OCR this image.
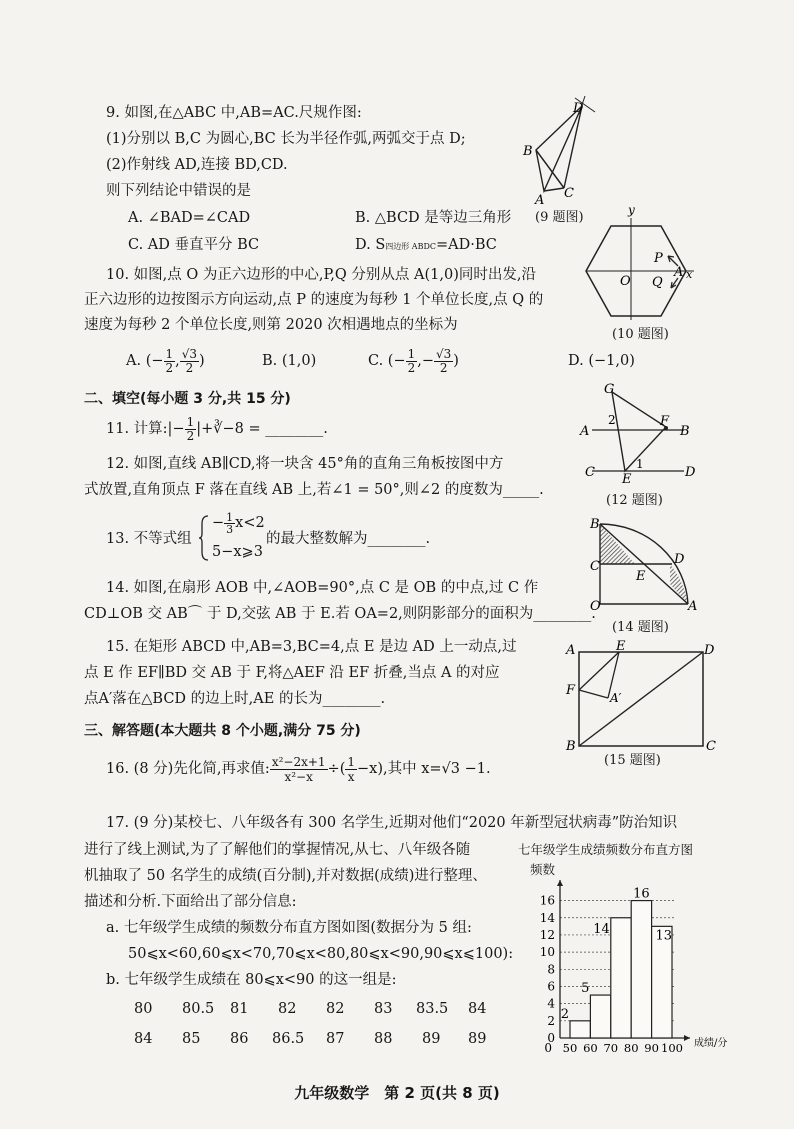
9. 如图,在△ABC 中,AB=AC.尺规作图:
(1)分别以 B,C 为圆心,BC 长为半径作弧,两弧交于点 D;
(2)作射线 AD,连接 BD,CD.
则下列结论中错误的是
A. ∠BAD=∠CAD	B. △BCD 是等边三角形
C. AD 垂直平分 BC	D. S四边形 ABDC=AD·BC
D
B
A C
(9 题图)
10. 如图,点 O 为正六边形的中心,P,Q 分别从点 A(1,0)同时出发,沿
正六边形的边按图示方向运动,点 P 的速度为每秒 1 个单位长度,点 Q 的
速度为每秒 2 个单位长度,则第 2020 次相遇地点的坐标为
A. (− $\frac{1}{2}$ , $\frac{√3}{2}$ )	B. (1,0)	C. (− $\frac{1}{2}$ ,− $\frac{√3}{2}$ )	D. (−1,0)
y
O
P
Q
A x
(10 题图)
二、填空(每小题 3 分,共 15 分)
11. 计算:|− $\frac{1}{2}$ |+∛−8 = ________.
12. 如图,直线 AB∥CD,将一块含 45°角的直角三角板按图中方
式放置,直角顶点 F 落在直线 AB 上,若∠1 = 50°,则∠2 的度数为_____.
G
A	B
C	D
E
F
1
2
(12 题图)
13. 不等式组
− $\frac{1}{3} x<2$
5−x⩾3
的最大整数解为________.
14. 如图,在扇形 AOB 中,∠AOB=90°,点 C 是 OB 的中点,过 C 作
CD⊥OB 交 AB⌒ 于 D,交弦 AB 于 E.若 OA=2,则阴影部分的面积为________.
B
C	D
E
O	A
(14 题图)
15. 在矩形 ABCD 中,AB=3,BC=4,点 E 是边 AD 上一动点,过
点 E 作 EF∥BD 交 AB 于 F,将△AEF 沿 EF 折叠,当点 A 的对应
点A′落在△BCD 的边上时,AE 的长为________.
A	E	D
F	A′
B	C
(15 题图)
三、解答题(本大题共 8 个小题,满分 75 分)
16. (8 分)先化简,再求值: $\frac{\text{x²−2x+1}}{\text{x²−x}}$ ÷( $\frac{1}{x} -x$),其中 x=√3 −1.
17. (9 分)某校七、八年级各有 300 名学生,近期对他们“2020 年新型冠状病毒”防治知识
进行了线上测试,为了了解他们的掌握情况,从七、八年级各随
机抽取了 50 名学生的成绩(百分制),并对数据(成绩)进行整理、
描述和分析.下面给出了部分信息:
a. 七年级学生成绩的频数分布直方图如图(数据分为 5 组:
50⩽x<60,60⩽x<70,70⩽x<80,80⩽x<90,90⩽x⩽100):
b. 七年级学生成绩在 80⩽x<90 的这一组是:
80 80.5 81 82 82 83 83.5 84
84 85 86 86.5 87 88 89 89
七年级学生成绩频数分布直方图
频数
0
2
4
6
8
10
12
14
16
2
5
14
16
13
50 60 70 80 90 100
0	成绩/分
九年级数学　第 2 页(共 8 页)
